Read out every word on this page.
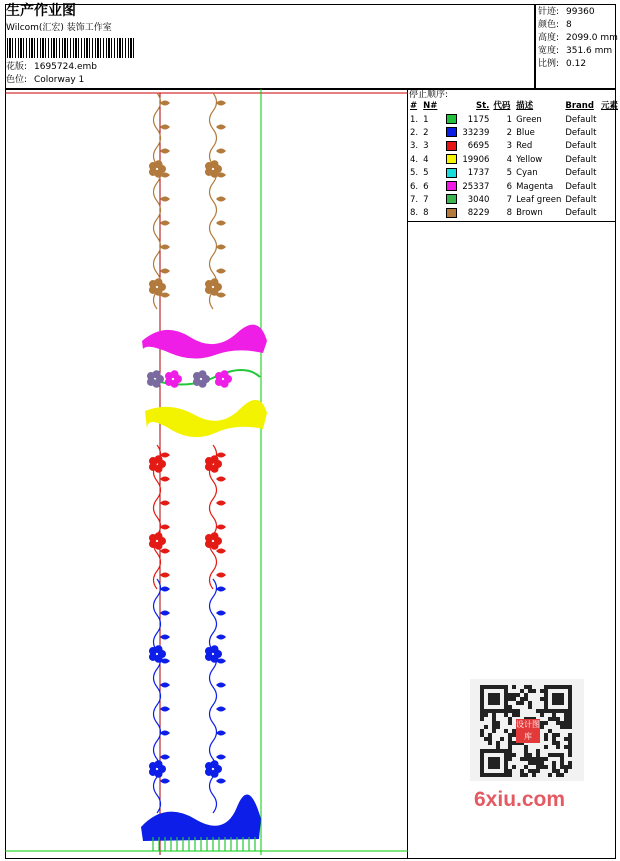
生产作业图
Wilcom(汇宏) 装饰工作室
花版: 1695724.emb
色位: Colorway 1
针迹: 99360
颜色: 8
高度: 2099.0 mm
宽度: 351.6 mm
比例: 0.12
停止顺序:
#	N#		St.	代码	描述	Brand	元素
1.	1		1175	1	Green	Default	
2.	2		33239	2	Blue	Default	
3.	3		6695	3	Red	Default	
4.	4		19906	4	Yellow	Default	
5.	5		1737	5	Cyan	Default	
6.	6		25337	6	Magenta	Default	
7.	7		3040	7	Leaf green	Default	
8.	8		8229	8	Brown	Default	
设计图库
6xiu.com
